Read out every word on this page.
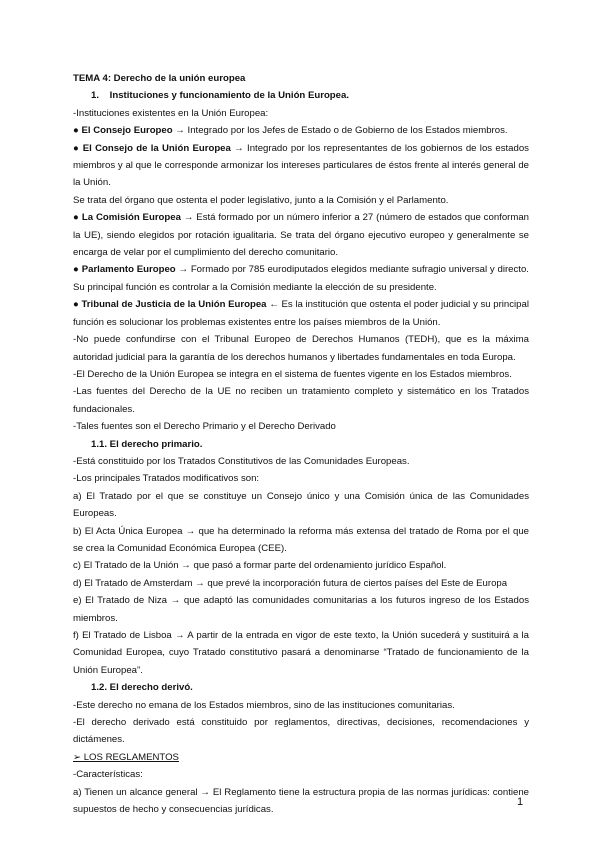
TEMA 4: Derecho de la unión europea

1.    Instituciones y funcionamiento de la Unión Europea.

-Instituciones existentes en la Unión Europea:

● El Consejo Europeo → Integrado por los Jefes de Estado o de Gobierno de los Estados miembros.

● El Consejo de la Unión Europea → Integrado por los representantes de los gobiernos de los estados miembros y al que le corresponde armonizar los intereses particulares de éstos frente al interés general de la Unión.

Se trata del órgano que ostenta el poder legislativo, junto a la Comisión y el Parlamento.

● La Comisión Europea → Está formado por un número inferior a 27 (número de estados que conforman la UE), siendo elegidos por rotación igualitaria. Se trata del órgano ejecutivo europeo y generalmente se encarga de velar por el cumplimiento del derecho comunitario.

● Parlamento Europeo → Formado por 785 eurodiputados elegidos mediante sufragio universal y directo. Su principal función es controlar a la Comisión mediante la elección de su presidente.

● Tribunal de Justicia de la Unión Europea ← Es la institución que ostenta el poder judicial y su principal función es solucionar los problemas existentes entre los países miembros de la Unión.

-No puede confundirse con el Tribunal Europeo de Derechos Humanos (TEDH), que es la máxima autoridad judicial para la garantía de los derechos humanos y libertades fundamentales en toda Europa.

-El Derecho de la Unión Europea se integra en el sistema de fuentes vigente en los Estados miembros.

-Las fuentes del Derecho de la UE no reciben un tratamiento completo y sistemático en los Tratados fundacionales.

-Tales fuentes son el Derecho Primario y el Derecho Derivado

1.1. El derecho primario.

-Está constituido por los Tratados Constitutivos de las Comunidades Europeas.

-Los principales Tratados modificativos son:

a) El Tratado por el que se constituye un Consejo único y una Comisión única de las Comunidades Europeas.

b) El Acta Única Europea → que ha determinado la reforma más extensa del tratado de Roma por el que se crea la Comunidad Económica Europea (CEE).

c) El Tratado de la Unión → que pasó a formar parte del ordenamiento jurídico Español.

d) El Tratado de Amsterdam → que prevé la incorporación futura de ciertos países del Este de Europa

e) El Tratado de Niza → que adaptó las comunidades comunitarias a los futuros ingreso de los Estados miembros.

f) El Tratado de Lisboa → A partir de la entrada en vigor de este texto, la Unión sucederá y sustituirá a la Comunidad Europea, cuyo Tratado constitutivo pasará a denominarse “Tratado de funcionamiento de la Unión Europea”.

1.2. El derecho derivó.

-Este derecho no emana de los Estados miembros, sino de las instituciones comunitarias.

-El derecho derivado está constituido por reglamentos, directivas, decisiones, recomendaciones y dictámenes.

➢ LOS REGLAMENTOS

-Características:

a) Tienen un alcance general → El Reglamento tiene la estructura propia de las normas jurídicas: contiene supuestos de hecho y consecuencias jurídicas.

1
